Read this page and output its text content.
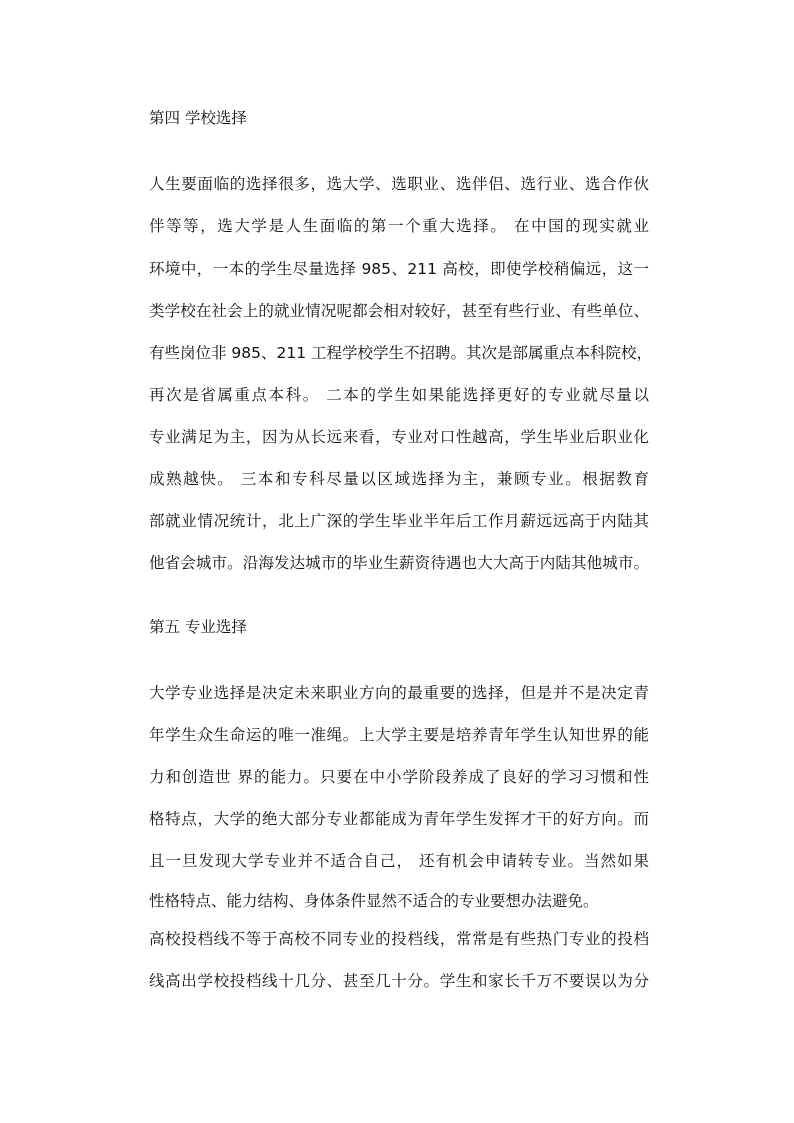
第四 学校选择
人生要面临的选择很多，选大学、选职业、选伴侣、选行业、选合作伙
伴等等，选大学是人生面临的第一个重大选择。 在中国的现实就业
环境中，一本的学生尽量选择 985、211 高校，即使学校稍偏远，这一
类学校在社会上的就业情况呢都会相对较好，甚至有些行业、有些单位、
有些岗位非 985、211 工程学校学生不招聘。其次是部属重点本科院校，
再次是省属重点本科。 二本的学生如果能选择更好的专业就尽量以
专业满足为主，因为从长远来看，专业对口性越高，学生毕业后职业化
成熟越快。 三本和专科尽量以区域选择为主，兼顾专业。根据教育
部就业情况统计，北上广深的学生毕业半年后工作月薪远远高于内陆其
他省会城市。沿海发达城市的毕业生薪资待遇也大大高于内陆其他城市。
第五 专业选择
大学专业选择是决定未来职业方向的最重要的选择，但是并不是决定青
年学生众生命运的唯一准绳。上大学主要是培养青年学生认知世界的能
力和创造世 界的能力。只要在中小学阶段养成了良好的学习习惯和性
格特点，大学的绝大部分专业都能成为青年学生发挥才干的好方向。而
且一旦发现大学专业并不适合自己， 还有机会申请转专业。当然如果
性格特点、能力结构、身体条件显然不适合的专业要想办法避免。
高校投档线不等于高校不同专业的投档线，常常是有些热门专业的投档
线高出学校投档线十几分、甚至几十分。学生和家长千万不要误以为分
